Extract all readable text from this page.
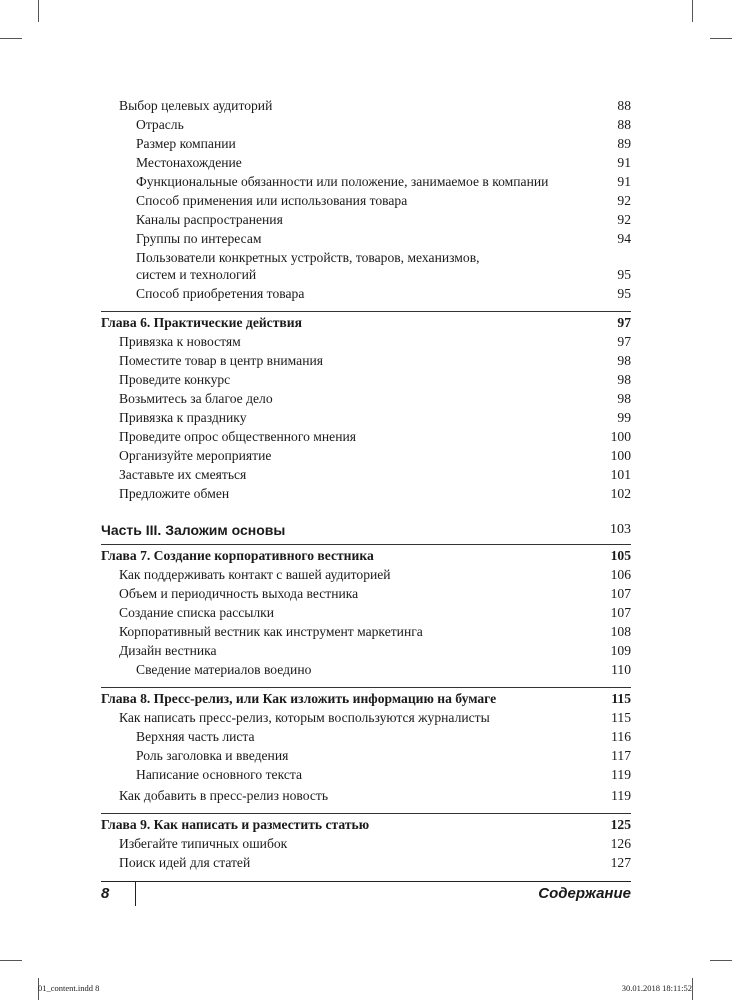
Выбор целевых аудиторий	88
Отрасль	88
Размер компании	89
Местонахождение	91
Функциональные обязанности или положение, занимаемое в компании	91
Способ применения или использования товара	92
Каналы распространения	92
Группы по интересам	94
Пользователи конкретных устройств, товаров, механизмов,
систем и технологий	95
Способ приобретения товара	95
Глава 6. Практические действия	97
Привязка к новостям	97
Поместите товар в центр внимания	98
Проведите конкурс	98
Возьмитесь за благое дело	98
Привязка к празднику	99
Проведите опрос общественного мнения	100
Организуйте мероприятие	100
Заставьте их смеяться	101
Предложите обмен	102
Часть III. Заложим основы	103
Глава 7. Создание корпоративного вестника	105
Как поддерживать контакт с вашей аудиторией	106
Объем и периодичность выхода вестника	107
Создание списка рассылки	107
Корпоративный вестник как инструмент маркетинга	108
Дизайн вестника	109
Сведение материалов воедино	110
Глава 8. Пресс-релиз, или Как изложить информацию на бумаге	115
Как написать пресс-релиз, которым воспользуются журналисты	115
Верхняя часть листа	116
Роль заголовка и введения	117
Написание основного текста	119
Как добавить в пресс-релиз новость	119
Глава 9. Как написать и разместить статью	125
Избегайте типичных ошибок	126
Поиск идей для статей	127
8	Содержание
01_content.indd 8	30.01.2018 18:11:52
